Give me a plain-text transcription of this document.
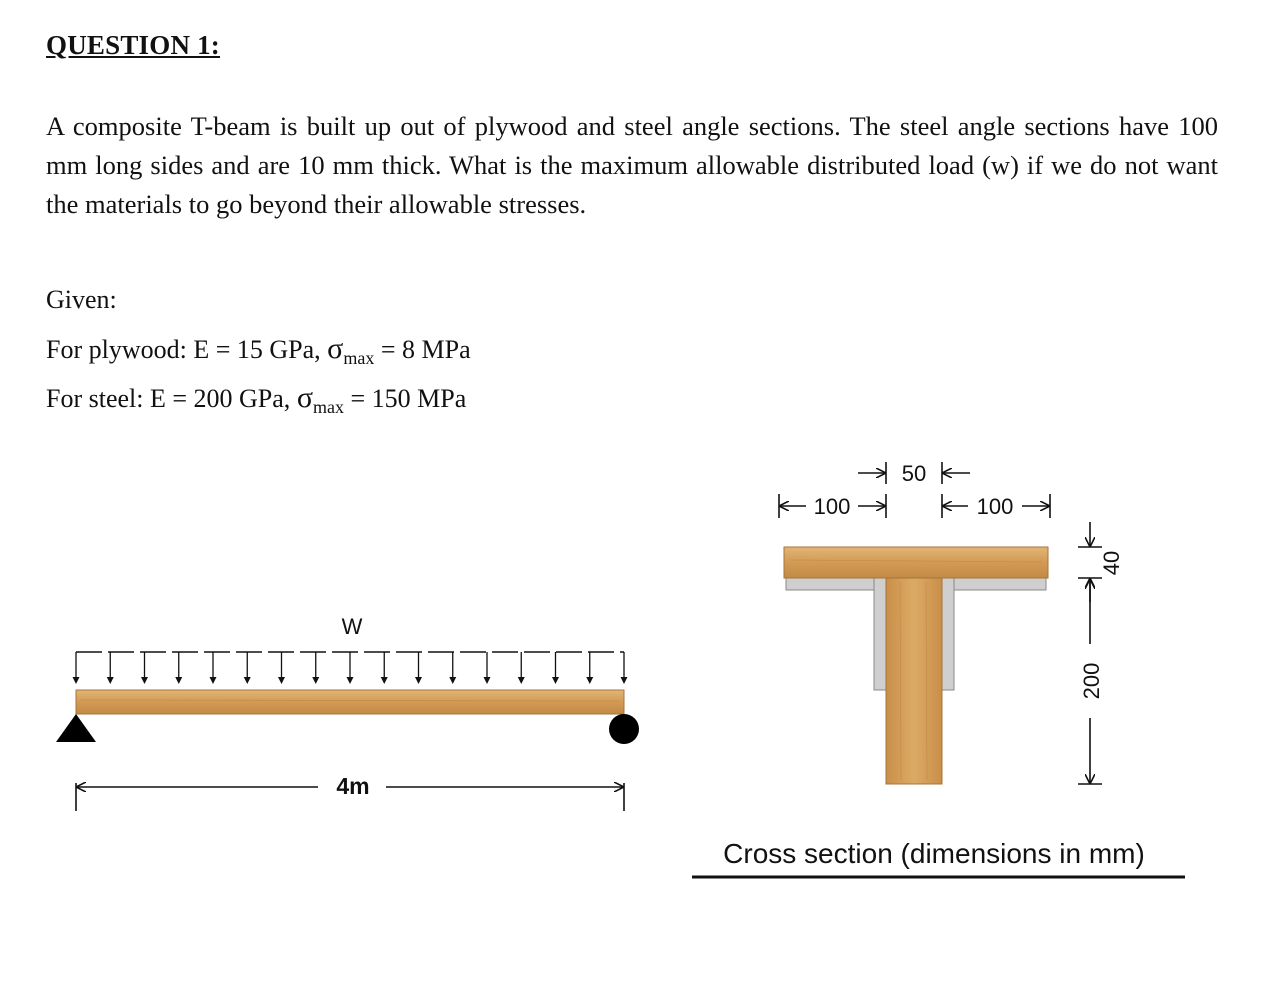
QUESTION 1:

A composite T-beam is built up out of plywood and steel angle sections. The steel angle sections have 100 mm long sides and are 10 mm thick. What is the maximum allowable distributed load (w) if we do not want the materials to go beyond their allowable stresses.

Given:
For plywood: E = 15 GPa, $\sigma_{max} = 8$ MPa
For steel: E = 200 GPa, $\sigma_{max} = 150$ MPa
W
4m
100
50
100
40
200
Cross section (dimensions in mm)
